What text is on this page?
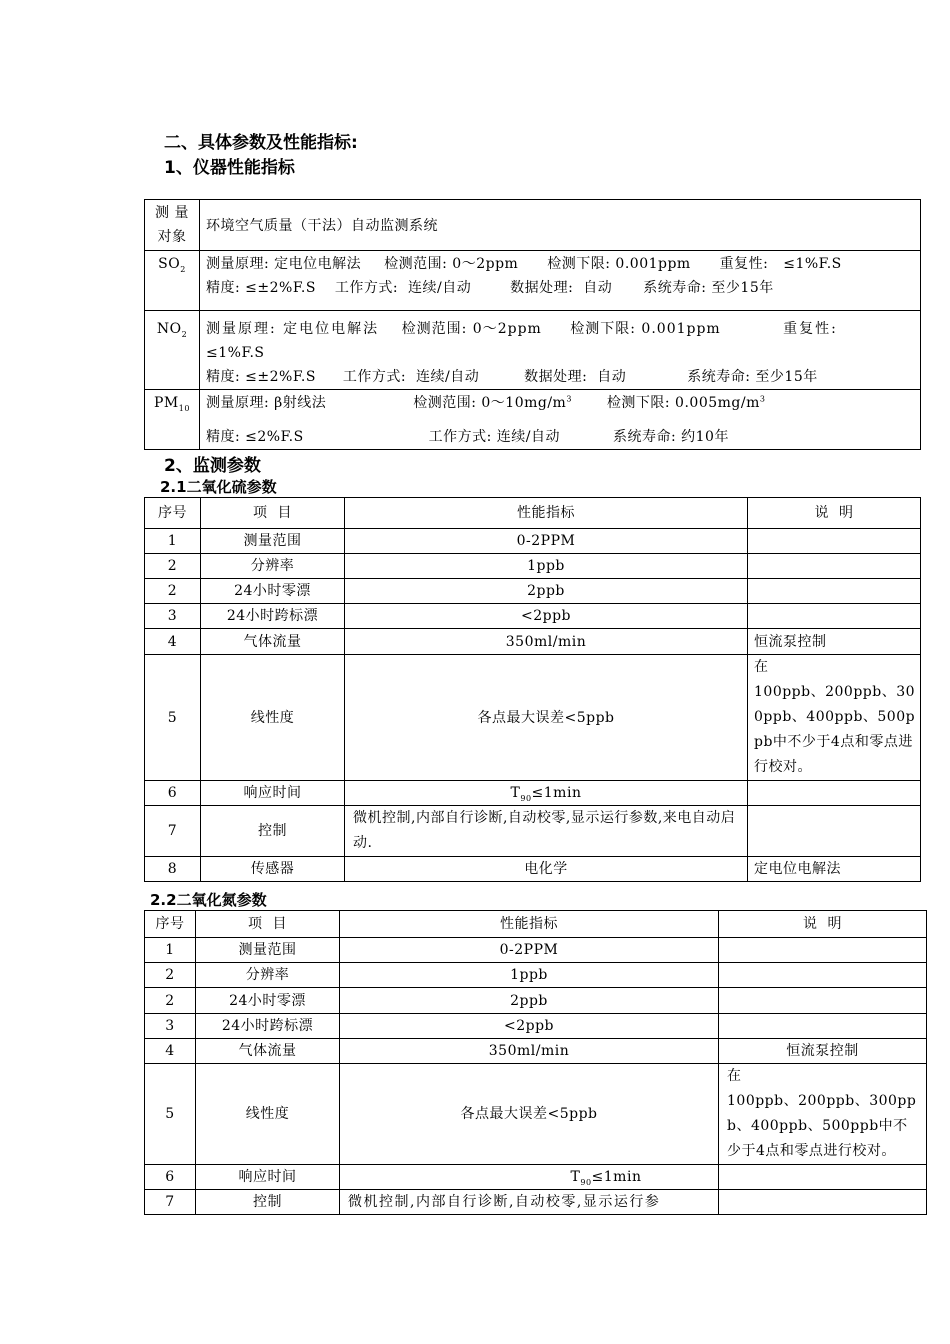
二、具体参数及性能指标:
1、仪器性能指标
测 量
对象	环境空气质量（干法）自动监测系统
$SO_2$	测量原理: 定电位电解法 检测范围: 0～2ppm 检测下限: 0.001ppm 重复性:   ≤1%F.S
精度: ≤±2%F.S 工作方式:  连续/自动 数据处理:  自动 系统寿命: 至少15年

$NO_2$	测量原理: 定电位电解法 检测范围: 0～2ppm 检测下限: 0.001ppm 重复性:
≤1%F.S
精度: ≤±2%F.S 工作方式:  连续/自动 数据处理:  自动 系统寿命: 至少15年

$PM_{10}$	测量原理: β射线法 检测范围: $0\sim 10mg/m^3$ 检测下限: $0.005mg/m^3$
精度: ≤2%F.S 工作方式: 连续/自动 系统寿命: 约10年
2、监测参数
2.1二氧化硫参数
序号	项  目	性能指标	说  明
1	测量范围	0-2PPM	
2	分辨率	1ppb	
2	24小时零漂	2ppb	
3	24小时跨标漂	<2ppb	
4	气体流量	350ml/min	恒流泵控制
5	线性度	各点最大误差<5ppb	在
100ppb、200ppb、300ppb、400ppb、500ppb中不少于4点和零点进行校对。
6	响应时间	$T_{90}\le 1\min$	
7	控制	微机控制,内部自行诊断,自动校零,显示运行参数,来电自动启动.	
8	传感器	电化学	定电位电解法
2.2二氧化氮参数
序号	项  目	性能指标	说  明
1	测量范围	0-2PPM	
2	分辨率	1ppb	
2	24小时零漂	2ppb	
3	24小时跨标漂	<2ppb	
4	气体流量	350ml/min	恒流泵控制
5	线性度	各点最大误差<5ppb	在
100ppb、200ppb、300ppb、400ppb、500ppb中不少于4点和零点进行校对。
6	响应时间	$T_{90}\le 1\min$	
7	控制	微机控制,内部自行诊断,自动校零,显示运行参	
